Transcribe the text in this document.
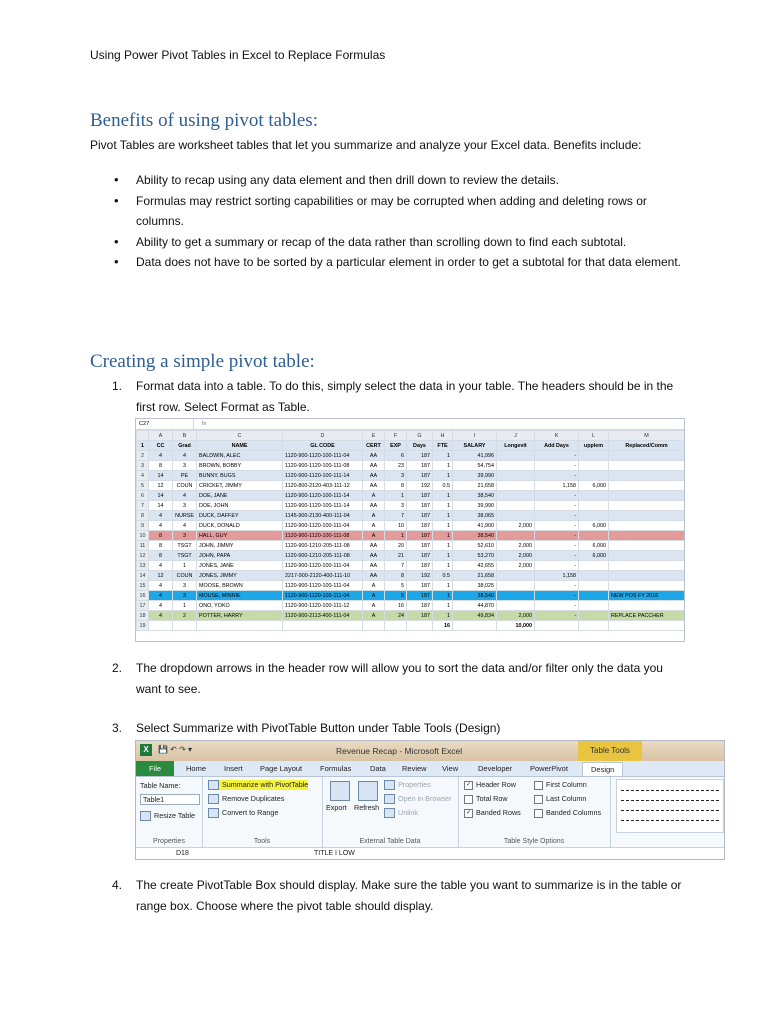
Using Power Pivot Tables in Excel to Replace Formulas
Benefits of using pivot tables:
Pivot Tables are worksheet tables that let you summarize and analyze your Excel data. Benefits include:
• Ability to recap using any data element and then drill down to review the details.
• Formulas may restrict sorting capabilities or may be corrupted when adding and deleting rows or columns.
• Ability to get a summary or recap of the data rather than scrolling down to find each subtotal.
• Data does not have to be sorted by a particular element in order to get a subtotal for that data element.
Creating a simple pivot table:
1.	Format data into a table. To do this, simply select the data in your table. The headers should be in the first row. Select Format as Table.
C27	fx
	A	B	C	D	E	F	G	H	I	J	K	L	M
1	CC	Grad	NAME	GL CODE	CERT	EXP	Days	FTE	SALARY	Longevit	Add Days	upplem	Replaced/Comm
2	4	4	BALDWIN, ALEC	1120-900-1120-100-111-04	AA	6	187	1	41,996		-		
3	8	3	BROWN, BOBBY	1120-900-1120-100-111-08	AA	23	187	1	54,754		-		
4	14	PE	BUNNY, BUGS	1120-900-1120-100-111-14	AA	3	187	1	39,990		-		
5	12	COUN	CRICKET, JIMMY	1120-800-2120-403-111-12	AA	8	192	0.5	21,658		1,158	6,000	
6	14	4	DOE, JANE	1120-900-1120-100-111-14	A	1	187	1	38,540		-		
7	14	3	DOE, JOHN	1120-900-1120-100-111-14	AA	3	187	1	39,990		-		
8	4	NURSE	DUCK, DAFFEY	1145-900-2130-400-111-04	A	7	187	1	38,065		-		
9	4	4	DUCK, DONALD	1120-900-1120-100-111-04	A	10	187	1	41,900	2,000	-	6,000	
10	8	3	HALL, GUY	1120-900-1120-100-111-08	A	1	187	1	38,540		-		
11	8	TSGT	JOHN, JIMMY	1120-900-1210-205-111-08	AA	20	187	1	52,610	2,000	-	6,000	
12	8	TSGT	JOHN, PAPA	1120-900-1210-205-111-08	AA	21	187	1	53,270	2,000	-	6,000	
13	4	1	JONES, JANE	1120-900-1120-100-111-04	AA	7	187	1	42,655	2,000	-		
14	12	COUN	JONES, JIMMY	2217-900-2120-400-111-10	AA	8	192	0.5	21,658		1,158		
15	4	3	MOOSE, BROWN	1120-900-1120-100-111-04	A	5	187	1	38,025		-		
16	4	3	MOUSE, MINNIE	1120-900-1120-100-111-04	A	5	187	1	38,540		-		NEW POS FY 2016
17	4	1	ONO, YOKO	1120-900-1120-100-111-12	A	16	187	1	44,870		-		
18	4	2	POTTER, HARRY	1120-900-2113-400-111-04	A	24	187	1	49,834	2,000	-		REPLACE PACCHER
19								16		10,000			
2.	The dropdown arrows in the header row will allow you to sort the data and/or filter only the data you want to see.
3.	Select Summarize with PivotTable Button under Table Tools (Design)
X	💾 ↶ ↷ ▾	Revenue Recap - Microsoft Excel	Table Tools
File	Home Insert Page Layout Formulas Data Review View	Developer PowerPivot	Design
Table Name:
Table1
Resize Table
Properties
Summarize with PivotTable
Remove Duplicates
Convert to Range
Tools
Export Refresh
Properties
Open in Browser
Unlink
External Table Data
✓ Header Row
Total Row
✓ Banded Rows
First Column
Last Column
Banded Columns
Table Style Options
D18	TITLE I LOW
4.	The create PivotTable Box should display. Make sure the table you want to summarize is in the table or range box. Choose where the pivot table should display.
